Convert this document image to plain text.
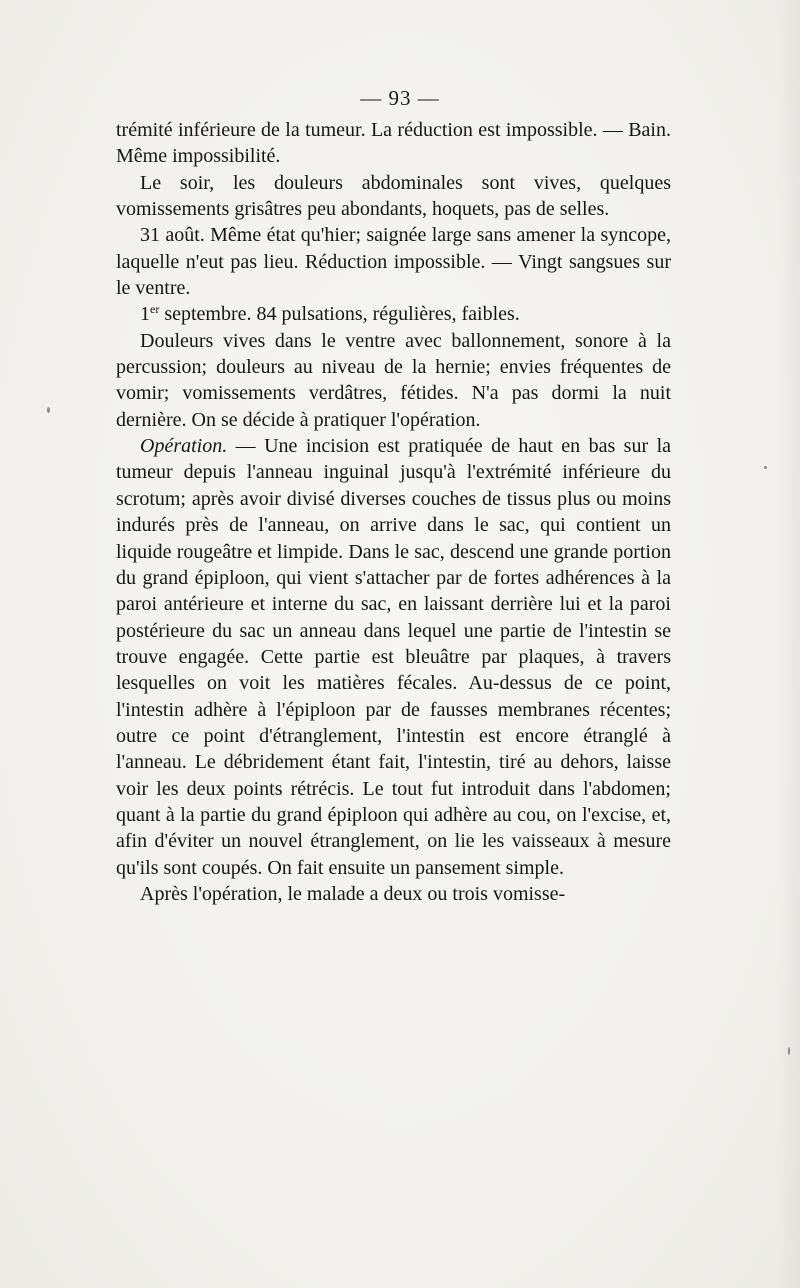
— 93 —

trémité inférieure de la tumeur. La réduction est impossible. — Bain. Même impossibilité.

Le soir, les douleurs abdominales sont vives, quelques vomissements grisâtres peu abondants, hoquets, pas de selles.

31 août. Même état qu'hier; saignée large sans amener la syncope, laquelle n'eut pas lieu. Réduction impossible. — Vingt sangsues sur le ventre.

1er septembre. 84 pulsations, régulières, faibles.

Douleurs vives dans le ventre avec ballonnement, sonore à la percussion; douleurs au niveau de la hernie; envies fréquentes de vomir; vomissements verdâtres, fétides. N'a pas dormi la nuit dernière. On se décide à pratiquer l'opération.

Opération. — Une incision est pratiquée de haut en bas sur la tumeur depuis l'anneau inguinal jusqu'à l'extrémité inférieure du scrotum; après avoir divisé diverses couches de tissus plus ou moins indurés près de l'anneau, on arrive dans le sac, qui contient un liquide rougeâtre et limpide. Dans le sac, descend une grande portion du grand épiploon, qui vient s'attacher par de fortes adhérences à la paroi antérieure et interne du sac, en laissant derrière lui et la paroi postérieure du sac un anneau dans lequel une partie de l'intestin se trouve engagée. Cette partie est bleuâtre par plaques, à travers lesquelles on voit les matières fécales. Au-dessus de ce point, l'intestin adhère à l'épiploon par de fausses membranes récentes; outre ce point d'étranglement, l'intestin est encore étranglé à l'anneau. Le débridement étant fait, l'intestin, tiré au dehors, laisse voir les deux points rétrécis. Le tout fut introduit dans l'abdomen; quant à la partie du grand épiploon qui adhère au cou, on l'excise, et, afin d'éviter un nouvel étranglement, on lie les vaisseaux à mesure qu'ils sont coupés. On fait ensuite un pansement simple.

Après l'opération, le malade a deux ou trois vomisse-
